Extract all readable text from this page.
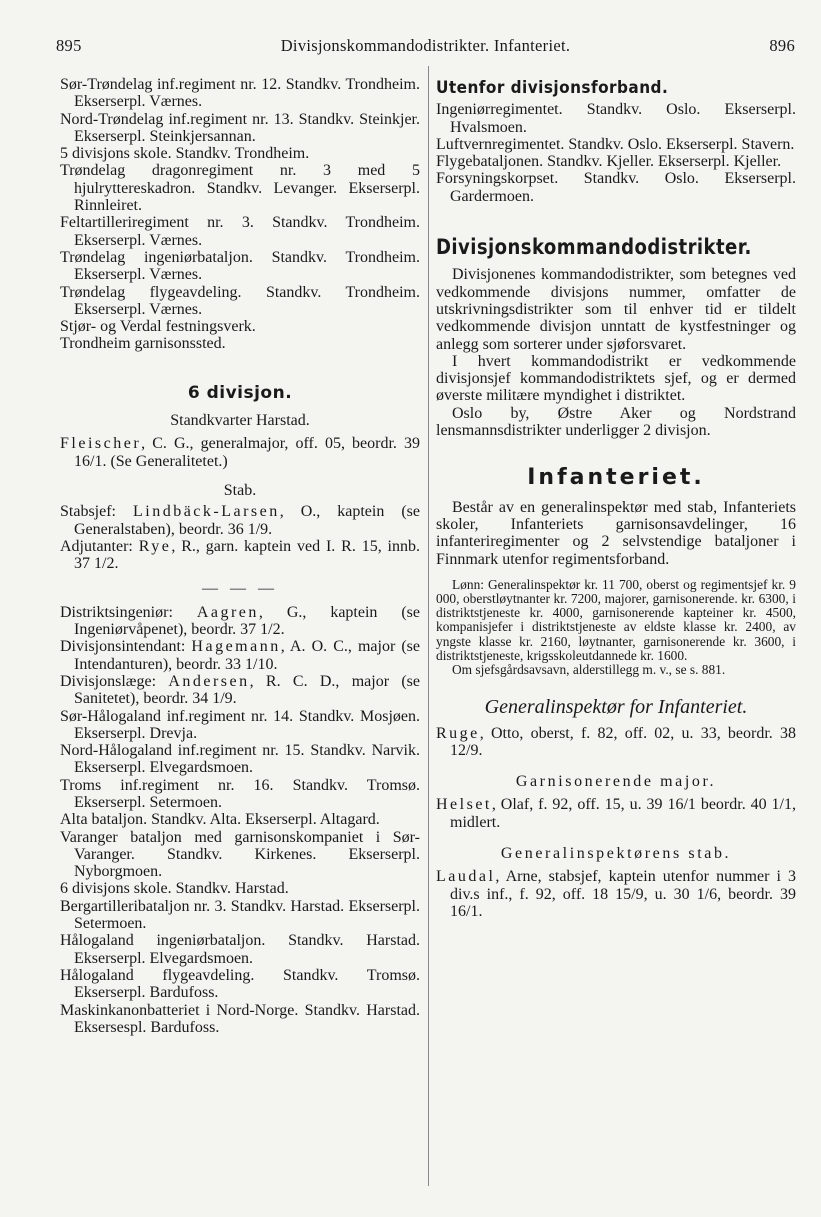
895	Divisjonskommandodistrikter. Infanteriet.	896

Sør-Trøndelag inf.regiment nr. 12. Standkv. Trondheim. Ekserserpl. Værnes.

Nord-Trøndelag inf.regiment nr. 13. Standkv. Steinkjer. Ekserserpl. Steinkjersannan.

5 divisjons skole. Standkv. Trondheim.

Trøndelag dragonregiment nr. 3 med 5 hjulryttereskadron. Standkv. Levanger. Ekserserpl. Rinnleiret.

Feltartilleriregiment nr. 3. Standkv. Trondheim. Ekserserpl. Værnes.

Trøndelag ingeniørbataljon. Standkv. Trondheim. Ekserserpl. Værnes.

Trøndelag flygeavdeling. Standkv. Trondheim. Ekserserpl. Værnes.

Stjør- og Verdal festningsverk.

Trondheim garnisonssted.

6 divisjon.

Standkvarter Harstad.

Fleischer, C. G., generalmajor, off. 05, beordr. 39 16/1. (Se Generalitetet.)

Stab.

Stabsjef: Lindbäck-Larsen, O., kaptein (se Generalstaben), beordr. 36 1/9.

Adjutanter: Rye, R., garn. kaptein ved I. R. 15, innb. 37 1/2.

— — —

Distriktsingeniør: Aagren, G., kaptein (se Ingeniørvåpenet), beordr. 37 1/2.

Divisjonsintendant: Hagemann, A. O. C., major (se Intendanturen), beordr. 33 1/10.

Divisjonslæge: Andersen, R. C. D., major (se Sanitetet), beordr. 34 1/9.

Sør-Hålogaland inf.regiment nr. 14. Standkv. Mosjøen. Ekserserpl. Drevja.

Nord-Hålogaland inf.regiment nr. 15. Standkv. Narvik. Ekserserpl. Elvegardsmoen.

Troms inf.regiment nr. 16. Standkv. Tromsø. Ekserserpl. Setermoen.

Alta bataljon. Standkv. Alta. Ekserserpl. Altagard.

Varanger bataljon med garnisonskompaniet i Sør-Varanger. Standkv. Kirkenes. Ekserserpl. Nyborgmoen.

6 divisjons skole. Standkv. Harstad.

Bergartilleribataljon nr. 3. Standkv. Harstad. Ekserserpl. Setermoen.

Hålogaland ingeniørbataljon. Standkv. Harstad. Ekserserpl. Elvegardsmoen.

Hålogaland flygeavdeling. Standkv. Tromsø. Ekserserpl. Bardufoss.

Maskinkanonbatteriet i Nord-Norge. Standkv. Harstad. Eksersespl. Bardufoss.

Utenfor divisjonsforband.

Ingeniørregimentet. Standkv. Oslo. Ekserserpl. Hvalsmoen.

Luftvernregimentet. Standkv. Oslo. Ekserserpl. Stavern.

Flygebataljonen. Standkv. Kjeller. Ekserserpl. Kjeller.

Forsyningskorpset. Standkv. Oslo. Ekserserpl. Gardermoen.

Divisjonskommandodistrikter.

Divisjonenes kommandodistrikter, som betegnes ved vedkommende divisjons nummer, omfatter de utskrivningsdistrikter som til enhver tid er tildelt vedkommende divisjon unntatt de kystfestninger og anlegg som sorterer under sjøforsvaret.

I hvert kommandodistrikt er vedkommende divisjonsjef kommandodistriktets sjef, og er dermed øverste militære myndighet i distriktet.

Oslo by, Østre Aker og Nordstrand lensmannsdistrikter underligger 2 divisjon.

Infanteriet.

Består av en generalinspektør med stab, Infanteriets skoler, Infanteriets garnisonsavdelinger, 16 infanteriregimenter og 2 selvstendige bataljoner i Finnmark utenfor regimentsforband.

Lønn: Generalinspektør kr. 11 700, oberst og regimentsjef kr. 9 000, oberstløytnanter kr. 7200, majorer, garnisonerende. kr. 6300, i distriktstjeneste kr. 4000, garnisonerende kapteiner kr. 4500, kompanisjefer i distriktstjeneste av eldste klasse kr. 2400, av yngste klasse kr. 2160, løytnanter, garnisonerende kr. 3600, i distriktstjeneste, krigsskoleutdannede kr. 1600.

Om sjefsgårdsavsavn, alderstillegg m. v., se s. 881.

Generalinspektør for Infanteriet.

Ruge, Otto, oberst, f. 82, off. 02, u. 33, beordr. 38 12/9.

Garnisonerende major.

Helset, Olaf, f. 92, off. 15, u. 39 16/1 beordr. 40 1/1, midlert.

Generalinspektørens stab.

Laudal, Arne, stabsjef, kaptein utenfor nummer i 3 div.s inf., f. 92, off. 18 15/9, u. 30 1/6, beordr. 39 16/1.
